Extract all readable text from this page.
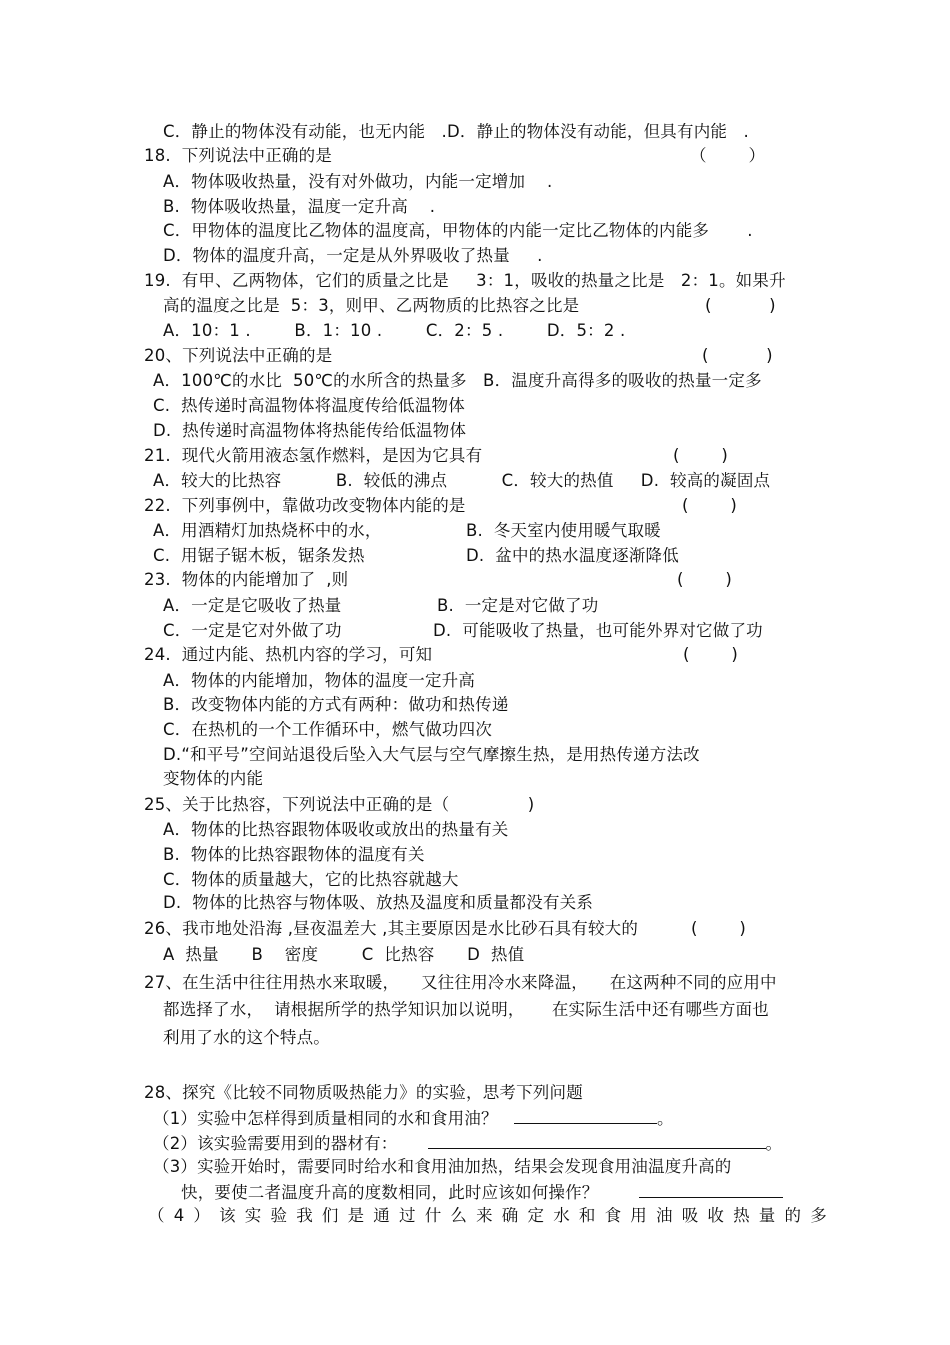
C．静止的物体没有动能，也无内能   .D．静止的物体没有动能，但具有内能   .
18.  下列说法中正确的是	（        ）
A．物体吸收热量，没有对外做功，内能一定增加    .
B.  物体吸收热量，温度一定升高    .
C．甲物体的温度比乙物体的温度高，甲物体的内能一定比乙物体的内能多       .
D．物体的温度升高，一定是从外界吸收了热量     .
19.  有甲、乙两物体，它们的质量之比是     3：1，吸收的热量之比是   2：1。如果升
高的温度之比是  5：3，则甲、乙两物质的比热容之比是	(           )
A．10：1 .        B．1：10 .        C．2：5 .        D．5：2 .
20、下列说法中正确的是	(           )
A．100℃的水比  50℃的水所含的热量多   B．温度升高得多的吸收的热量一定多
C.  热传递时高温物体将温度传给低温物体
D.  热传递时高温物体将热能传给低温物体
21.  现代火箭用液态氢作燃料，是因为它具有	(        )
A．较大的比热容          B.  较低的沸点          C．较大的热值     D.  较高的凝固点
22.  下列事例中，靠做功改变物体内能的是	(        )
A．用酒精灯加热烧杯中的水，	B.  冬天室内使用暖气取暖
C.  用锯子锯木板，锯条发热	D.  盆中的热水温度逐渐降低
23.  物体的内能增加了  ,则	(        )
A．一定是它吸收了热量	B.  一定是对它做了功
C．一定是它对外做了功	D.  可能吸收了热量，也可能外界对它做了功
24.  通过内能、热机内容的学习，可知	(        )
A．物体的内能增加，物体的温度一定升高
B．改变物体内能的方式有两种：做功和热传递
C．在热机的一个工作循环中，燃气做功四次
D.“和平号”空间站退役后坠入大气层与空气摩擦生热，是用热传递方法改
变物体的内能
25、关于比热容，下列说法中正确的是（ )
A．物体的比热容跟物体吸收或放出的热量有关
B.  物体的比热容跟物体的温度有关
C．物体的质量越大，它的比热容就越大
D.  物体的比热容与物体吸、放热及温度和质量都没有关系
26、我市地处沿海 ,昼夜温差大 ,其主要原因是水比砂石具有较大的	(        )
A  热量      B    密度        C  比热容      D  热值
27、在生活中往往用热水来取暖，    又往往用冷水来降温，    在这两种不同的应用中
都选择了水，  请根据所学的热学知识加以说明，     在实际生活中还有哪些方面也
利用了水的这个特点。
28、探究《比较不同物质吸热能力》的实验，思考下列问题
（1）实验中怎样得到质量相同的水和食用油？	。
（2）该实验需要用到的器材有：	。
（3）实验开始时，需要同时给水和食用油加热，结果会发现食用油温度升高的
快，要使二者温度升高的度数相同，此时应该如何操作？
（4）该实验我们是通过什么来确定水和食用油吸收热量的多
